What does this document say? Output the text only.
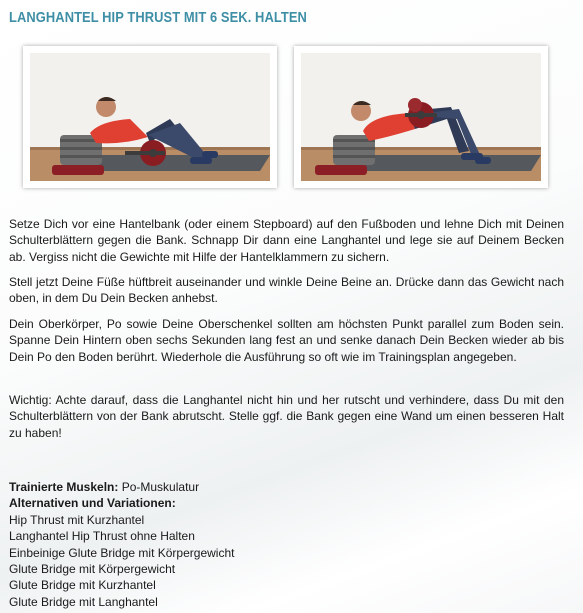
LANGHANTEL HIP THRUST MIT 6 SEK. HALTEN

Setze Dich vor eine Hantelbank (oder einem Stepboard) auf den Fußboden und lehne Dich mit Deinen Schulterblättern gegen die Bank. Schnapp Dir dann eine Langhantel und lege sie auf Deinem Becken ab. Vergiss nicht die Gewichte mit Hilfe der Hantelklammern zu sichern.

Stell jetzt Deine Füße hüftbreit auseinander und winkle Deine Beine an. Drücke dann das Gewicht nach oben, in dem Du Dein Becken anhebst.

Dein Oberkörper, Po sowie Deine Oberschenkel sollten am höchsten Punkt parallel zum Boden sein. Spanne Dein Hintern oben sechs Sekunden lang fest an und senke danach Dein Becken wieder ab bis Dein Po den Boden berührt. Wiederhole die Ausführung so oft wie im Trainingsplan angegeben.

Wichtig: Achte darauf, dass die Langhantel nicht hin und her rutscht und verhindere, dass Du mit den Schulterblättern von der Bank abrutscht. Stelle ggf. die Bank gegen eine Wand um einen besseren Halt zu haben!

Trainierte Muskeln: Po-Muskulatur
Alternativen und Variationen:
Hip Thrust mit Kurzhantel
Langhantel Hip Thrust ohne Halten
Einbeinige Glute Bridge mit Körpergewicht
Glute Bridge mit Körpergewicht
Glute Bridge mit Kurzhantel
Glute Bridge mit Langhantel
